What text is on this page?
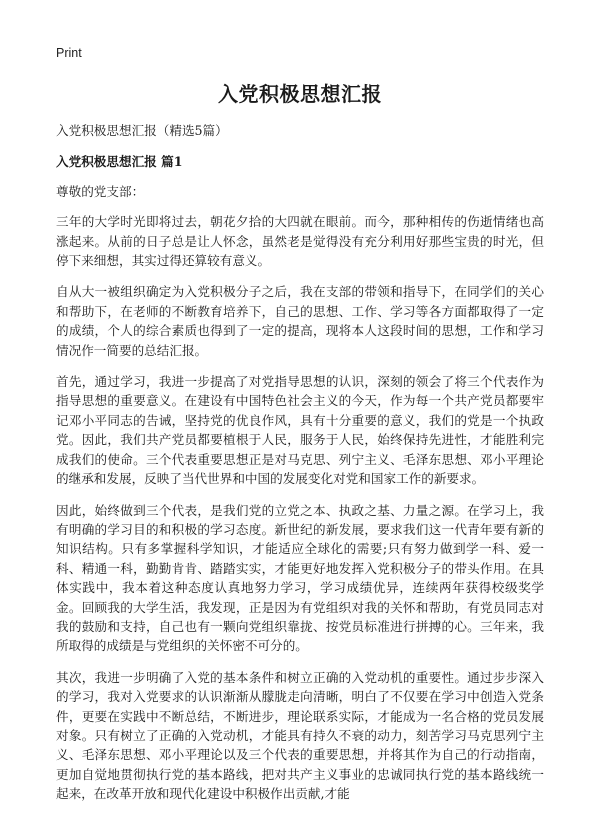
Print
入党积极思想汇报

入党积极思想汇报（精选5篇）

入党积极思想汇报 篇1

尊敬的党支部：

三年的大学时光即将过去，朝花夕拾的大四就在眼前。而今，那种相传的伤逝情绪也高涨起来。从前的日子总是让人怀念，虽然老是觉得没有充分利用好那些宝贵的时光，但停下来细想，其实过得还算较有意义。

自从大一被组织确定为入党积极分子之后，我在支部的带领和指导下，在同学们的关心和帮助下，在老师的不断教育培养下，自己的思想、工作、学习等各方面都取得了一定的成绩，个人的综合素质也得到了一定的提高，现将本人这段时间的思想，工作和学习情况作一简要的总结汇报。

首先，通过学习，我进一步提高了对党指导思想的认识，深刻的领会了将三个代表作为指导思想的重要意义。在建设有中国特色社会主义的今天，作为每一个共产党员都要牢记邓小平同志的告诫，坚持党的优良作风，具有十分重要的意义，我们的党是一个执政党。因此，我们共产党员都要植根于人民，服务于人民，始终保持先进性，才能胜利完成我们的使命。三个代表重要思想正是对马克思、列宁主义、毛泽东思想、邓小平理论的继承和发展，反映了当代世界和中国的发展变化对党和国家工作的新要求。

因此，始终做到三个代表，是我们党的立党之本、执政之基、力量之源。在学习上，我有明确的学习目的和积极的学习态度。新世纪的新发展，要求我们这一代青年要有新的知识结构。只有多掌握科学知识，才能适应全球化的需要;只有努力做到学一科、爱一科、精通一科，勤勤肯肯、踏踏实实，才能更好地发挥入党积极分子的带头作用。在具体实践中，我本着这种态度认真地努力学习，学习成绩优异，连续两年获得校级奖学金。回顾我的大学生活，我发现，正是因为有党组织对我的关怀和帮助，有党员同志对我的鼓励和支持，自己也有一颗向党组织靠拢、按党员标准进行拼搏的心。三年来，我所取得的成绩是与党组织的关怀密不可分的。

其次，我进一步明确了入党的基本条件和树立正确的入党动机的重要性。通过步步深入的学习，我对入党要求的认识渐渐从朦胧走向清晰，明白了不仅要在学习中创造入党条件，更要在实践中不断总结，不断进步，理论联系实际，才能成为一名合格的党员发展对象。只有树立了正确的入党动机，才能具有持久不衰的动力，刻苦学习马克思列宁主义、毛泽东思想、邓小平理论以及三个代表的重要思想，并将其作为自己的行动指南，更加自觉地贯彻执行党的基本路线，把对共产主义事业的忠诚同执行党的基本路线统一起来，在改革开放和现代化建设中积极作出贡献,才能
